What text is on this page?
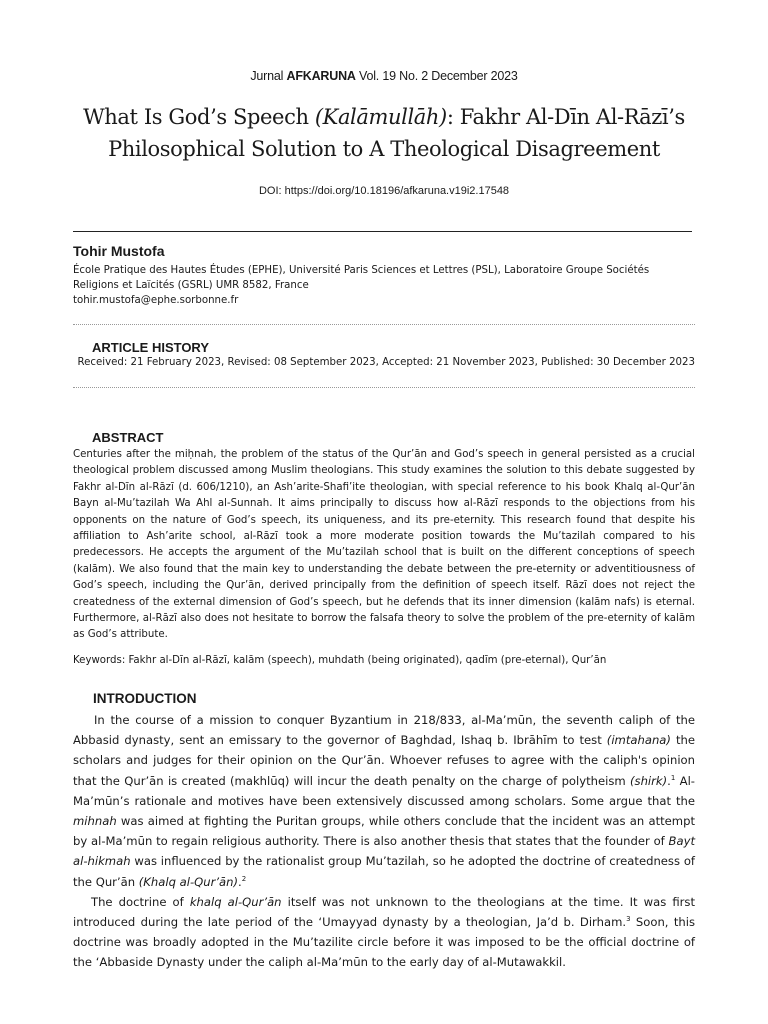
Jurnal AFKARUNA Vol. 19 No. 2 December 2023
What Is God’s Speech (Kalāmullāh): Fakhr Al-Dīn Al-Rāzī’s
Philosophical Solution to A Theological Disagreement
DOI: https://doi.org/10.18196/afkaruna.v19i2.17548
Tohir Mustofa
École Pratique des Hautes Études (EPHE), Université Paris Sciences et Lettres (PSL), Laboratoire Groupe Sociétés
Religions et Laïcités (GSRL) UMR 8582, France
tohir.mustofa@ephe.sorbonne.fr
ARTICLE HISTORY
Received: 21 February 2023, Revised: 08 September 2023, Accepted: 21 November 2023, Published: 30 December 2023
ABSTRACT

Centuries after the miḥnah, the problem of the status of the Qur’ān and God’s speech in general persisted as a crucial theological problem discussed among Muslim theologians. This study examines the solution to this debate suggested by Fakhr al-Dīn al-Rāzī (d. 606/1210), an Ash’arite-Shafi’ite theologian, with special reference to his book Khalq al-Qur’ān Bayn al-Mu’tazilah Wa Ahl al-Sunnah. It aims principally to discuss how al-Rāzī responds to the objections from his opponents on the nature of God’s speech, its uniqueness, and its pre-eternity. This research found that despite his affiliation to Ash’arite school, al-Rāzī took a more moderate position towards the Mu’tazilah compared to his predecessors. He accepts the argument of the Mu’tazilah school that is built on the different conceptions of speech (kalām). We also found that the main key to understanding the debate between the pre-eternity or adventitiousness of God’s speech, including the Qur’ān, derived principally from the definition of speech itself. Rāzī does not reject the createdness of the external dimension of God’s speech, but he defends that its inner dimension (kalām nafs) is eternal. Furthermore, al-Rāzī also does not hesitate to borrow the falsafa theory to solve the problem of the pre-eternity of kalām as God’s attribute.

Keywords: Fakhr al-Dīn al-Rāzī, kalām (speech), muhdath (being originated), qadīm (pre-eternal), Qur’ān
INTRODUCTION

In the course of a mission to conquer Byzantium in 218/833, al-Ma’mūn, the seventh caliph of the Abbasid dynasty, sent an emissary to the governor of Baghdad, Ishaq b. Ibrāhīm to test (imtahana) the scholars and judges for their opinion on the Qur’ān. Whoever refuses to agree with the caliph's opinion that the Qur’ān is created (makhlūq) will incur the death penalty on the charge of polytheism (shirk).$^1$ Al-Ma’mūn’s rationale and motives have been extensively discussed among scholars. Some argue that the mihnah was aimed at fighting the Puritan groups, while others conclude that the incident was an attempt by al-Ma’mūn to regain religious authority. There is also another thesis that states that the founder of Bayt al-hikmah was influenced by the rationalist group Mu’tazilah, so he adopted the doctrine of createdness of the Qur’ān (Khalq al-Qur’ān).$^2$

The doctrine of khalq al-Qur’ān itself was not unknown to the theologians at the time. It was first introduced during the late period of the ‘Umayyad dynasty by a theologian, Ja’d b. Dirham.$^3$ Soon, this doctrine was broadly adopted in the Mu’tazilite circle before it was imposed to be the official doctrine of the ‘Abbaside Dynasty under the caliph al-Ma’mūn to the early day of al-Mutawakkil.
